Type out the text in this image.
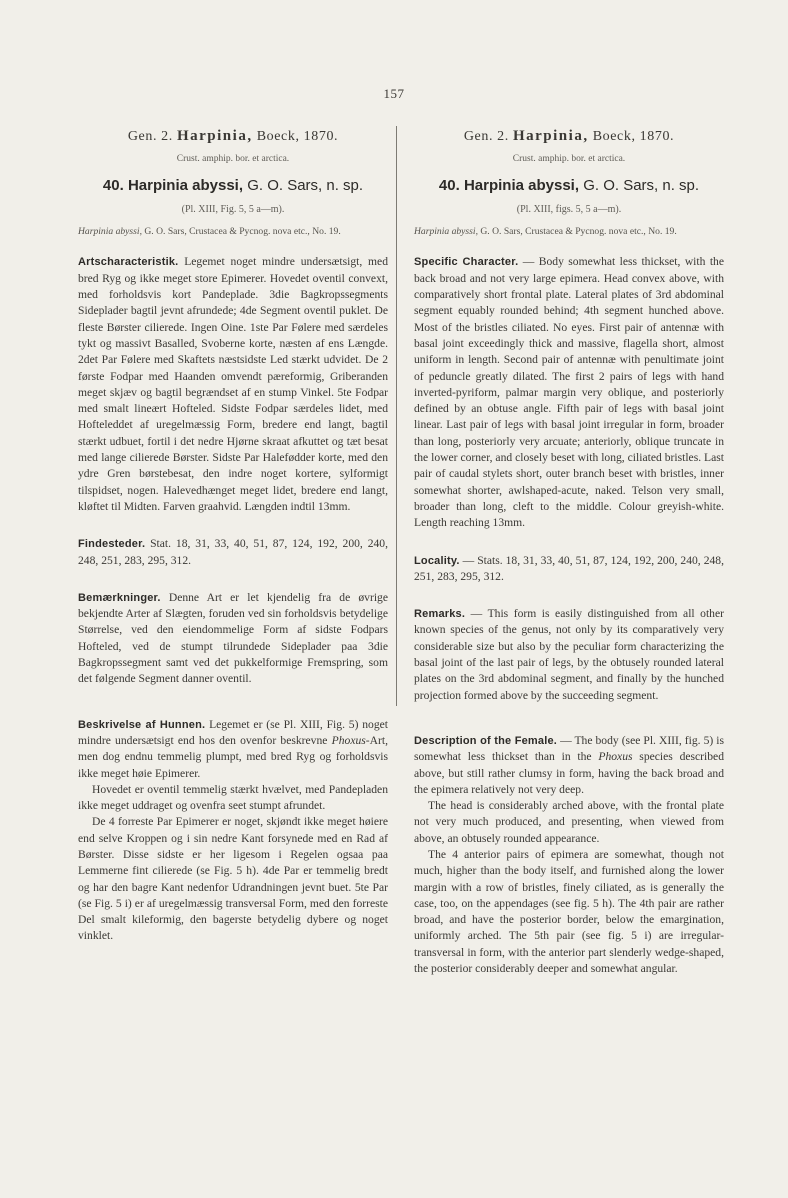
157
Gen. 2. Harpinia, Boeck, 1870.
Crust. amphip. bor. et arctica.
40. Harpinia abyssi, G. O. Sars, n. sp.
(Pl. XIII, Fig. 5, 5 a—m).
Harpinia abyssi, G. O. Sars, Crustacea & Pycnog. nova etc., No. 19.

Artscharacteristik. Legemet noget mindre undersætsigt, med bred Ryg og ikke meget store Epimerer. Hovedet oventil convext, med forholdsvis kort Pandeplade. 3die Bagkropssegments Sideplader bagtil jevnt afrundede; 4de Segment oventil puklet. De fleste Børster cilierede. Ingen Oine. 1ste Par Følere med særdeles tykt og massivt Basalled, Svoberne korte, næsten af ens Længde. 2det Par Følere med Skaftets næstsidste Led stærkt udvidet. De 2 første Fodpar med Haanden omvendt pæreformig, Griberanden meget skjæv og bagtil begrændset af en stump Vinkel. 5te Fodpar med smalt lineært Hofteled. Sidste Fodpar særdeles lidet, med Hofteleddet af uregelmæssig Form, bredere end langt, bagtil stærkt udbuet, fortil i det nedre Hjørne skraat afkuttet og tæt besat med lange cilierede Børster. Sidste Par Halefødder korte, med den ydre Gren børstebesat, den indre noget kortere, sylformigt tilspidset, nogen. Halevedhænget meget lidet, bredere end langt, kløftet til Midten. Farven graahvid. Længden indtil 13mm.

Findesteder. Stat. 18, 31, 33, 40, 51, 87, 124, 192, 200, 240, 248, 251, 283, 295, 312.

Bemærkninger. Denne Art er let kjendelig fra de øvrige bekjendte Arter af Slægten, foruden ved sin forholdsvis betydelige Størrelse, ved den eiendommelige Form af sidste Fodpars Hofteled, ved de stumpt tilrundede Sideplader paa 3die Bagkropssegment samt ved det pukkelformige Fremspring, som det følgende Segment danner oventil.

Beskrivelse af Hunnen. Legemet er (se Pl. XIII, Fig. 5) noget mindre undersætsigt end hos den ovenfor beskrevne Phoxus-Art, men dog endnu temmelig plumpt, med bred Ryg og forholdsvis ikke meget høie Epimerer.

Hovedet er oventil temmelig stærkt hvælvet, med Pandepladen ikke meget uddraget og ovenfra seet stumpt afrundet.

De 4 forreste Par Epimerer er noget, skjøndt ikke meget høiere end selve Kroppen og i sin nedre Kant forsynede med en Rad af Børster. Disse sidste er her ligesom i Regelen ogsaa paa Lemmerne fint cilierede (se Fig. 5 h). 4de Par er temmelig bredt og har den bagre Kant nedenfor Udrandningen jevnt buet. 5te Par (se Fig. 5 i) er af uregelmæssig transversal Form, med den forreste Del smalt kileformig, den bagerste betydelig dybere og noget vinklet.

Gen. 2. Harpinia, Boeck, 1870.
Crust. amphip. bor. et arctica.
40. Harpinia abyssi, G. O. Sars, n. sp.
(Pl. XIII, figs. 5, 5 a—m).
Harpinia abyssi, G. O. Sars, Crustacea & Pycnog. nova etc., No. 19.

Specific Character. — Body somewhat less thickset, with the back broad and not very large epimera. Head convex above, with comparatively short frontal plate. Lateral plates of 3rd abdominal segment equably rounded behind; 4th segment hunched above. Most of the bristles ciliated. No eyes. First pair of antennæ with basal joint exceedingly thick and massive, flagella short, almost uniform in length. Second pair of antennæ with penultimate joint of peduncle greatly dilated. The first 2 pairs of legs with hand inverted-pyriform, palmar margin very oblique, and posteriorly defined by an obtuse angle. Fifth pair of legs with basal joint linear. Last pair of legs with basal joint irregular in form, broader than long, posteriorly very arcuate; anteriorly, oblique truncate in the lower corner, and closely beset with long, ciliated bristles. Last pair of caudal stylets short, outer branch beset with bristles, inner somewhat shorter, awlshaped-acute, naked. Telson very small, broader than long, cleft to the middle. Colour greyish-white. Length reaching 13mm.

Locality. — Stats. 18, 31, 33, 40, 51, 87, 124, 192, 200, 240, 248, 251, 283, 295, 312.

Remarks. — This form is easily distinguished from all other known species of the genus, not only by its comparatively very considerable size but also by the peculiar form characterizing the basal joint of the last pair of legs, by the obtusely rounded lateral plates on the 3rd abdominal segment, and finally by the hunched projection formed above by the succeeding segment.

Description of the Female. — The body (see Pl. XIII, fig. 5) is somewhat less thickset than in the Phoxus species described above, but still rather clumsy in form, having the back broad and the epimera relatively not very deep.

The head is considerably arched above, with the frontal plate not very much produced, and presenting, when viewed from above, an obtusely rounded appearance.

The 4 anterior pairs of epimera are somewhat, though not much, higher than the body itself, and furnished along the lower margin with a row of bristles, finely ciliated, as is generally the case, too, on the appendages (see fig. 5 h). The 4th pair are rather broad, and have the posterior border, below the emargination, uniformly arched. The 5th pair (see fig. 5 i) are irregular-transversal in form, with the anterior part slenderly wedge-shaped, the posterior considerably deeper and somewhat angular.
